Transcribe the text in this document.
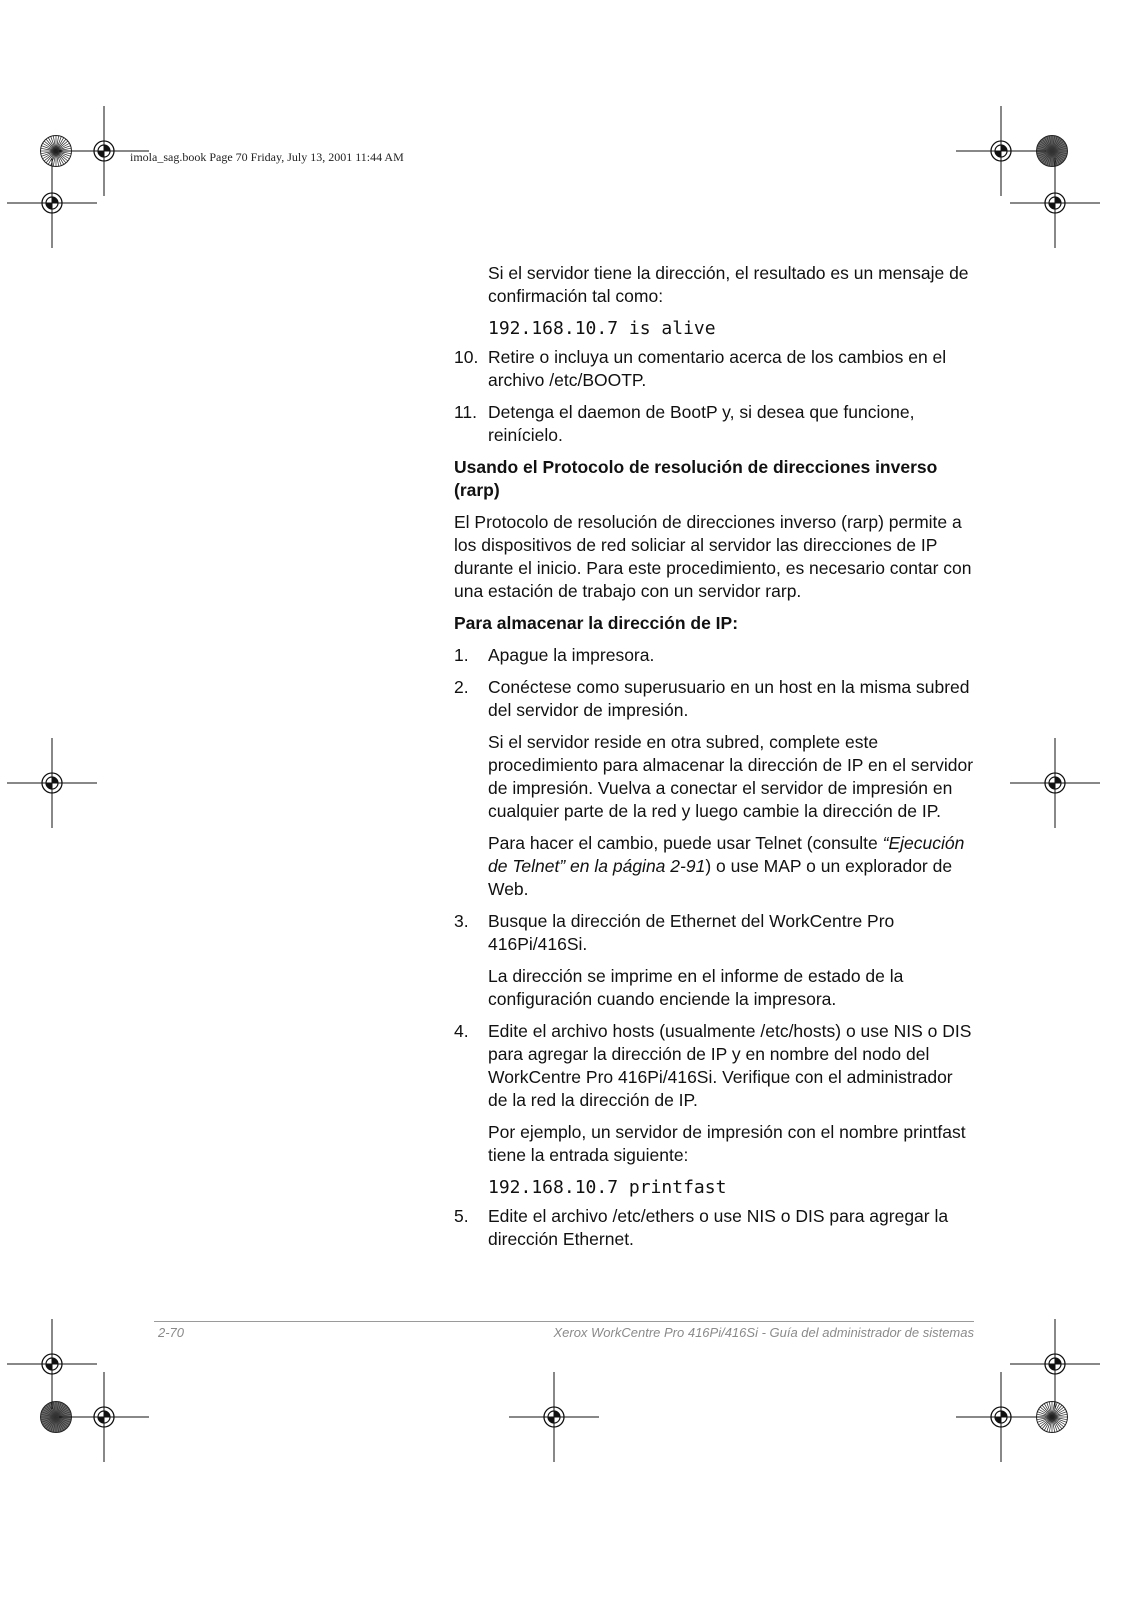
imola_sag.book Page 70 Friday, July 13, 2001 11:44 AM

Si el servidor tiene la dirección, el resultado es un mensaje de confirmación tal como:

192.168.10.7 is alive

10. Retire o incluya un comentario acerca de los cambios en el archivo /etc/BOOTP.
11. Detenga el daemon de BootP y, si desea que funcione, reinícielo.

Usando el Protocolo de resolución de direcciones inverso (rarp)

El Protocolo de resolución de direcciones inverso (rarp) permite a los dispositivos de red soliciar al servidor las direcciones de IP durante el inicio. Para este procedimiento, es necesario contar con una estación de trabajo con un servidor rarp.

Para almacenar la dirección de IP:

1.	Apague la impresora.
2.	Conéctese como superusuario en un host en la misma subred del servidor de impresión.

Si el servidor reside en otra subred, complete este procedimiento para almacenar la dirección de IP en el servidor de impresión. Vuelva a conectar el servidor de impresión en cualquier parte de la red y luego cambie la dirección de IP.

Para hacer el cambio, puede usar Telnet (consulte “Ejecución de Telnet” en la página 2-91) o use MAP o un explorador de Web.

3.	Busque la dirección de Ethernet del WorkCentre Pro 416Pi/416Si.

La dirección se imprime en el informe de estado de la configuración cuando enciende la impresora.

4.	Edite el archivo hosts (usualmente /etc/hosts) o use NIS o DIS para agregar la dirección de IP y en nombre del nodo del WorkCentre Pro 416Pi/416Si. Verifique con el administrador de la red la dirección de IP.

Por ejemplo, un servidor de impresión con el nombre printfast tiene la entrada siguiente:

192.168.10.7 printfast

5.	Edite el archivo /etc/ethers o use NIS o DIS para agregar la dirección Ethernet.
2-70	Xerox WorkCentre Pro 416Pi/416Si - Guía del administrador de sistemas
